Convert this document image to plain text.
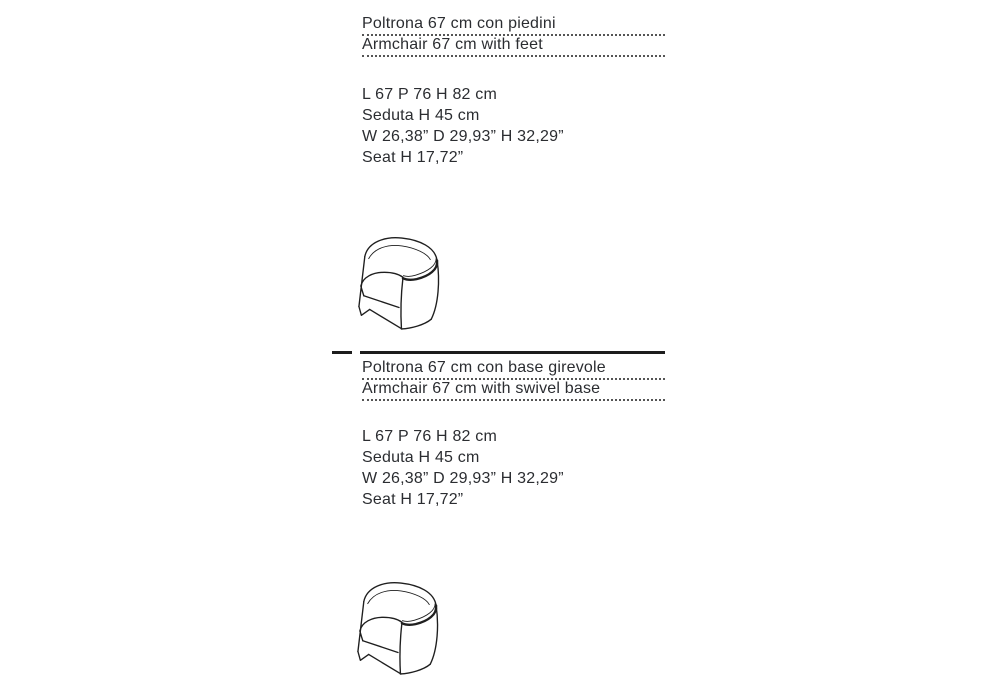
Poltrona 67 cm con piedini
Armchair 67 cm with feet
L 67 P 76 H 82 cm
Seduta H 45 cm
W 26,38” D 29,93” H 32,29”
Seat H 17,72”
Poltrona 67 cm con base girevole
Armchair 67 cm with swivel base
L 67 P 76 H 82 cm
Seduta H 45 cm
W 26,38” D 29,93” H 32,29”
Seat H 17,72”
